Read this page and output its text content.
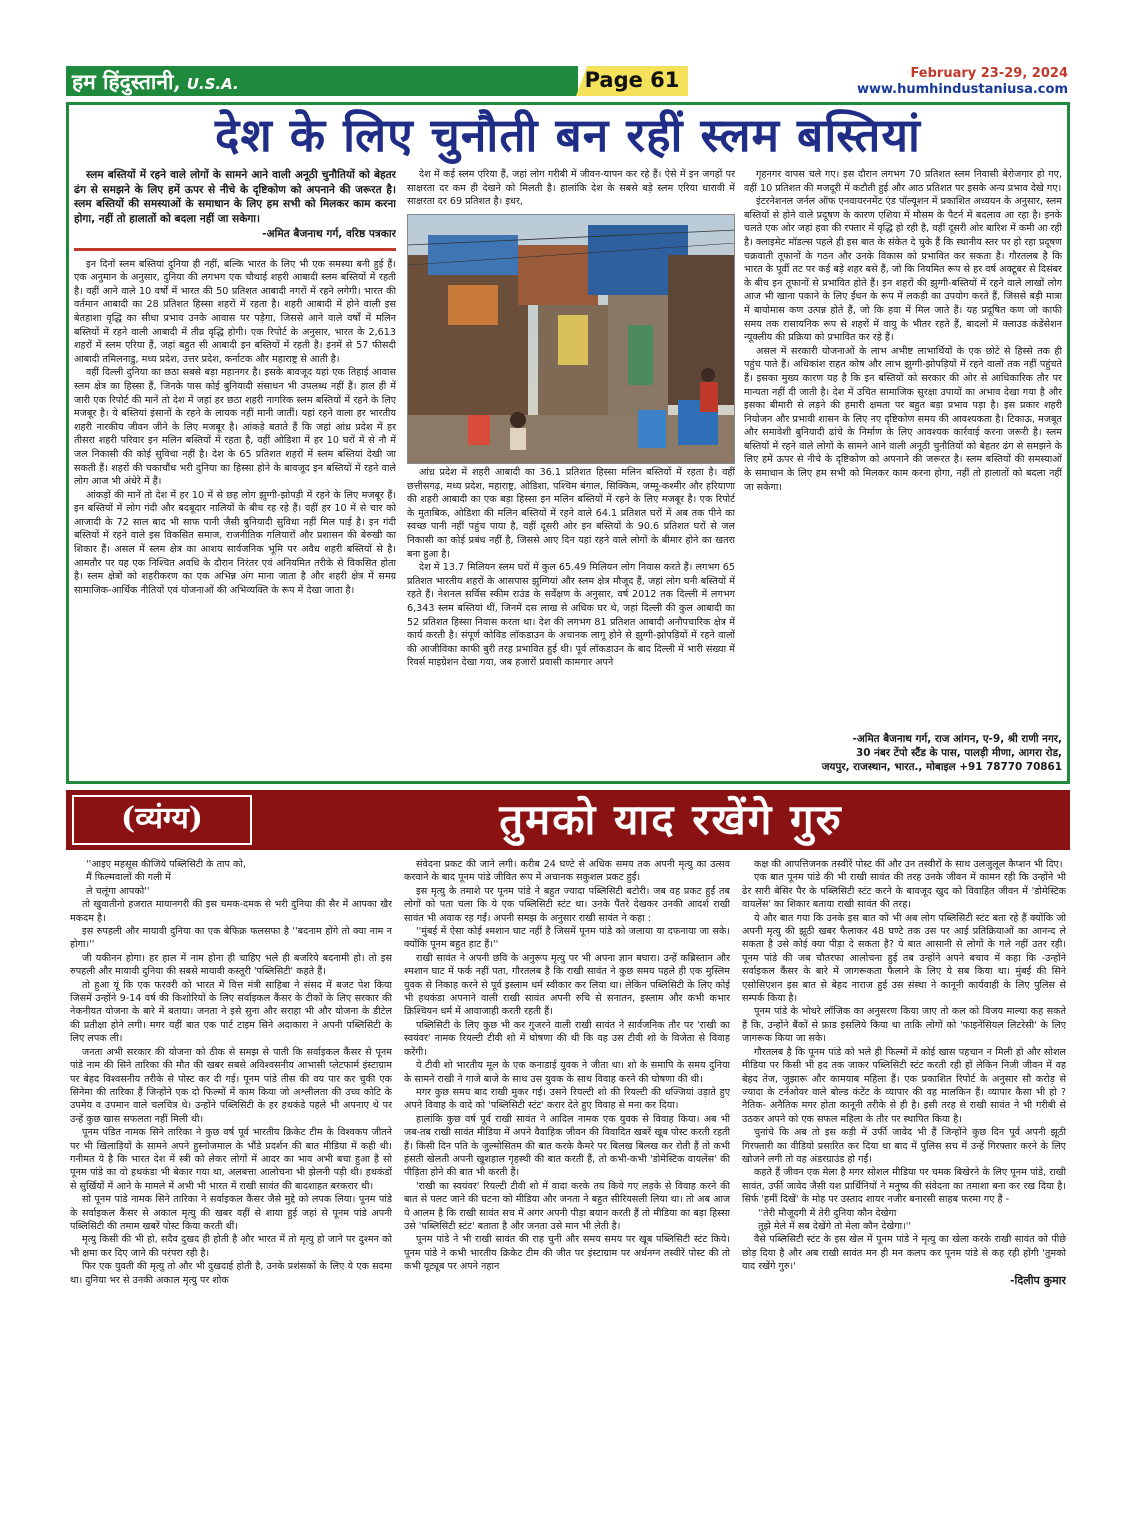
हम हिंदुस्तानी, U.S.A.	Page 61	February 23-29, 2024
www.humhindustaniusa.com
देश के लिए चुनौती बन रहीं स्लम बस्तियां

स्लम बस्तियों में रहने वाले लोगों के सामने आने वाली अनूठी चुनौतियों को बेहतर ढंग से समझने के लिए हमें ऊपर से नीचे के दृष्टिकोण को अपनाने की जरूरत है। स्लम बस्तियों की समस्याओं के समाधान के लिए हम सभी को मिलकर काम करना होगा, नहीं तो हालातों को बदला नहीं जा सकेगा।

-अमित बैजनाथ गर्ग, वरिष्ठ पत्रकार

इन दिनों स्लम बस्तियां दुनिया ही नहीं, बल्कि भारत के लिए भी एक समस्या बनी हुई हैं। एक अनुमान के अनुसार, दुनिया की लगभग एक चौथाई शहरी आबादी स्लम बस्तियों में रहती है। वहीं आने वाले 10 वर्षों में भारत की 50 प्रतिशत आबादी नगरों में रहने लगेगी। भारत की वर्तमान आबादी का 28 प्रतिशत हिस्सा शहरों में रहता है। शहरी आबादी में होने वाली इस बेतहाशा वृद्धि का सीधा प्रभाव उनके आवास पर पड़ेगा, जिससे आने वाले वर्षों में मलिन बस्तियों में रहने वाली आबादी में तीव्र वृद्धि होगी। एक रिपोर्ट के अनुसार, भारत के 2,613 शहरों में स्लम एरिया हैं, जहां बहुत सी आबादी इन बस्तियों में रहती है। इनमें से 57 फीसदी आबादी तमिलनाडु, मध्य प्रदेश, उत्तर प्रदेश, कर्नाटक और महाराष्ट्र से आती है।

वहीं दिल्ली दुनिया का छठा सबसे बड़ा महानगर है। इसके बावजूद यहां एक तिहाई आवास स्लम क्षेत्र का हिस्सा हैं, जिनके पास कोई बुनियादी संसाधन भी उपलब्ध नहीं हैं। हाल ही में जारी एक रिपोर्ट की मानें तो देश में जहां हर छठा शहरी नागरिक स्लम बस्तियों में रहने के लिए मजबूर है। ये बस्तियां इंसानों के रहने के लायक नहीं मानी जातीं। यहां रहने वाला हर भारतीय शहरी नारकीय जीवन जीने के लिए मजबूर है। आंकड़े बताते हैं कि जहां आंध्र प्रदेश में हर तीसरा शहरी परिवार इन मलिन बस्तियों में रहता है, वहीं ओडिशा में हर 10 घरों में से नौ में जल निकासी की कोई सुविधा नहीं है। देश के 65 प्रतिशत शहरों में स्लम बस्तियां देखी जा सकती हैं। शहरों की चकाचौंध भरी दुनिया का हिस्सा होने के बावजूद इन बस्तियों में रहने वाले लोग आज भी अंधेरे में हैं।

आंकड़ों की मानें तो देश में हर 10 में से छह लोग झुग्गी-झोपड़ी में रहने के लिए मजबूर हैं। इन बस्तियों में लोग गंदी और बदबूदार नालियों के बीच रह रहे हैं। वहीं हर 10 में से चार को आजादी के 72 साल बाद भी साफ पानी जैसी बुनियादी सुविधा नहीं मिल पाई है। इन गंदी बस्तियों में रहने वाले इस विकसित समाज, राजनीतिक गलियारों और प्रशासन की बेरुखी का शिकार हैं। असल में स्लम क्षेत्र का आशय सार्वजनिक भूमि पर अवैध शहरी बस्तियों से है। आमतौर पर यह एक निश्चित अवधि के दौरान निरंतर एवं अनियमित तरीके से विकसित होता है। स्लम क्षेत्रों को शहरीकरण का एक अभिन्न अंग माना जाता है और शहरी क्षेत्र में समग्र सामाजिक-आर्थिक नीतियों एवं योजनाओं की अभिव्यक्ति के रूप में देखा जाता है।

देश में कई स्लम एरिया हैं, जहां लोग गरीबी में जीवन-यापन कर रहे हैं। ऐसे में इन जगहों पर साक्षरता दर कम ही देखने को मिलती है। हालांकि देश के सबसे बड़े स्लम एरिया धारावी में साक्षरता दर 69 प्रतिशत है। इधर,

आंध्र प्रदेश में शहरी आबादी का 36.1 प्रतिशत हिस्सा मलिन बस्तियों में रहता है। वहीं छत्तीसगढ़, मध्य प्रदेश, महाराष्ट्र, ओडिशा, पश्चिम बंगाल, सिक्किम, जम्मू-कश्मीर और हरियाणा की शहरी आबादी का एक बड़ा हिस्सा इन मलिन बस्तियों में रहने के लिए मजबूर है। एक रिपोर्ट के मुताबिक, ओडिशा की मलिन बस्तियों में रहने वाले 64.1 प्रतिशत घरों में अब तक पीने का स्वच्छ पानी नहीं पहुंच पाया है, वहीं दूसरी ओर इन बस्तियों के 90.6 प्रतिशत घरों से जल निकासी का कोई प्रबंध नहीं है, जिससे आए दिन यहां रहने वाले लोगों के बीमार होने का खतरा बना हुआ है।

देश में 13.7 मिलियन स्लम घरों में कुल 65.49 मिलियन लोग निवास करते हैं। लगभग 65 प्रतिशत भारतीय शहरों के आसपास झुग्गियां और स्लम क्षेत्र मौजूद हैं, जहां लोग घनी बस्तियों में रहते हैं। नेशनल सर्विस स्कीम राउंड के सर्वेक्षण के अनुसार, वर्ष 2012 तक दिल्ली में लगभग 6,343 स्लम बस्तियां थीं, जिनमें दस लाख से अधिक घर थे, जहां दिल्ली की कुल आबादी का 52 प्रतिशत हिस्सा निवास करता था। देश की लगभग 81 प्रतिशत आबादी अनौपचारिक क्षेत्र में कार्य करती है। संपूर्ण कोविड लॉकडाउन के अचानक लागू होने से झुग्गी-झोपड़ियों में रहने वालों की आजीविका काफी बुरी तरह प्रभावित हुई थी। पूर्व लॉकडाउन के बाद दिल्ली में भारी संख्या में रिवर्स माइग्रेशन देखा गया, जब हजारों प्रवासी कामगार अपने

गृहनगर वापस चले गए। इस दौरान लगभग 70 प्रतिशत स्लम निवासी बेरोजगार हो गए, वहीं 10 प्रतिशत की मजदूरी में कटौती हुई और आठ प्रतिशत पर इसके अन्य प्रभाव देखे गए।

इंटरनेशनल जर्नल ऑफ एनवायरनमेंट एंड पॉल्यूशन में प्रकाशित अध्ययन के अनुसार, स्लम बस्तियों से होने वाले प्रदूषण के कारण एशिया में मौसम के पैटर्न में बदलाव आ रहा है। इनके चलते एक ओर जहां हवा की रफ्तार में वृद्धि हो रही है, वहीं दूसरी ओर बारिश में कमी आ रही है। क्लाइमेट मॉडल्स पहले ही इस बात के संकेत दे चुके हैं कि स्थानीय स्तर पर हो रहा प्रदूषण चक्रवाती तूफानों के गठन और उनके विकास को प्रभावित कर सकता है। गौरतलब है कि भारत के पूर्वी तट पर कई बड़े शहर बसे हैं, जो कि नियमित रूप से हर वर्ष अक्टूबर से दिसंबर के बीच इन तूफानों से प्रभावित होते हैं। इन शहरों की झुग्गी-बस्तियों में रहने वाले लाखों लोग आज भी खाना पकाने के लिए ईंधन के रूप में लकड़ी का उपयोग करते हैं, जिससे बड़ी मात्रा में बायोमास कण उत्पन्न होते हैं, जो कि हवा में मिल जाते हैं। यह प्रदूषित कण जो काफी समय तक रासायनिक रूप से शहरों में वायु के भीतर रहते हैं, बादलों में क्लाउड कंडेंसेशन न्यूक्लीय की प्रक्रिया को प्रभावित कर रहे हैं।

असल में सरकारी योजनाओं के लाभ अभीष्ट लाभार्थियों के एक छोटे से हिस्से तक ही पहुंच पाते हैं। अधिकांश राहत कोष और लाभ झुग्गी-झोपड़ियों में रहने वालों तक नहीं पहुंचते हैं। इसका मुख्य कारण यह है कि इन बस्तियों को सरकार की ओर से आधिकारिक तौर पर मान्यता नहीं दी जाती है। देश में उचित सामाजिक सुरक्षा उपायों का अभाव देखा गया है और इसका बीमारी से लड़ने की हमारी क्षमता पर बहुत बड़ा प्रभाव पड़ा है। इस प्रकार शहरी नियोजन और प्रभावी शासन के लिए नए दृष्टिकोण समय की आवश्यकता है। टिकाऊ, मजबूत और समावेशी बुनियादी ढांचे के निर्माण के लिए आवश्यक कार्रवाई करना जरूरी है। स्लम बस्तियों में रहने वाले लोगों के सामने आने वाली अनूठी चुनौतियों को बेहतर ढंग से समझने के लिए हमें ऊपर से नीचे के दृष्टिकोण को अपनाने की जरूरत है। स्लम बस्तियों की समस्याओं के समाधान के लिए हम सभी को मिलकर काम करना होगा, नहीं तो हालातों को बदला नहीं जा सकेगा।

-अमित बैजनाथ गर्ग, राज आंगन, ए-9, श्री राणी नगर,

30 नंबर टेंपो स्टैंड के पास, पालड़ी मीणा, आगरा रोड,

जयपुर, राजस्थान, भारत., मोबाइल +91 78770 70861

(व्यंग्य)	तुमको याद रखेंगे गुरु

''आइए महसूस कीजिये पब्लिसिटी के ताप को,

मैं फिल्मवालों की गली में

ले चलूंगा आपको''

तो खुवातीनो हजरात मायानगरी की इस चमक-दमक से भरी दुनिया की सैर में आपका खैर मकदम है।

इस रुपहली और मायावी दुनिया का एक बेफिक्र फलसफा है ''बदनाम होंगे तो क्या नाम न होगा।''

जी यकीनन होगा। हर हाल में नाम होना ही चाहिए भले ही बजरिये बदनामी हो। तो इस रुपहली और मायावी दुनिया की सबसे मायावी कस्तूरी 'पब्लिसिटी' कहते हैं।

तो हुआ यूं कि एक फरवरी को भारत में वित्त मंत्री साहिबा ने संसद में बजट पेश किया जिसमें उन्होंने 9-14 वर्ष की किशोरियों के लिए सर्वाइकल कैंसर के टीकों के लिए सरकार की नेकनीयत योजना के बारे में बताया। जनता ने इसे सुना और सराहा भी और योजना के डीटेल की प्रतीक्षा होने लगी। मगर यहीं बात एक पार्ट टाइम सिने अदाकारा ने अपनी पब्लिसिटी के लिए लपक ली।

जनता अभी सरकार की योजना को ठीक से समझ से पाती कि सर्वाइकल कैंसर से पूनम पांडे नाम की सिने तारिका की मौत की खबर सबसे अविश्वसनीय आभासी प्लेटफार्म इंस्टाग्राम पर बेहद विश्वसनीय तरीके से पोस्ट कर दी गई। पूनम पांडे तीस की वय पार कर चुकी एक सिनेमा की तारिका हैं जिन्होंने एक दो फिल्मों में काम किया जो अश्लीलता की उच्च कोटि के उपमेय व उपमान वाले चलचित्र थे। उन्होंने पब्लिसिटी के हर हथकंडे पहले भी अपनाए थे पर उन्हें कुछ खास सफलता नहीं मिली थी।

पूनम पंडित नामक सिने तारिका ने कुछ वर्ष पूर्व भारतीय क्रिकेट टीम के विश्वकप जीतने पर भी खिलाड़ियों के सामने अपने हुस्नोजमाल के भौंडे प्रदर्शन की बात मीडिया में कही थी। गनीमत ये है कि भारत देश में स्त्री को लेकर लोगों में आदर का भाव अभी बचा हुआ है सो पूनम पांडे का वो हथकंडा भी बेकार गया था, अलबत्ता आलोचना भी झेलनी पड़ी थी। हथकंडों से सुर्खियों में आने के मामले में अभी भी भारत में राखी सावंत की बादशाहत बरकरार थी।

सो पूनम पांडे नामक सिने तारिका ने सर्वाइकल कैंसर जैसे मुद्दे को लपक लिया। पूनम पांडे के सर्वाइकल कैंसर से अकाल मृत्यु की खबर वहीं से शाया हुई जहां से पूनम पांडे अपनी पब्लिसिटी की तमाम खबरें पोस्ट किया करती थीं।

मृत्यु किसी की भी हो, सदैव दुखद ही होती है और भारत में तो मृत्यु हो जाने पर दुश्मन को भी क्षमा कर दिए जाने की परंपरा रही है।

फिर एक युवती की मृत्यु तो और भी दुखदाई होती है, उनके प्रशंसकों के लिए ये एक सदमा था। दुनिया भर से उनकी अकाल मृत्यु पर शोक

संवेदना प्रकट की जाने लगी। करीब 24 घण्टे से अधिक समय तक अपनी मृत्यु का उत्सव करवाने के बाद पूनम पांडे जीवित रूप में अचानक सकुशल प्रकट हुईं।

इस मृत्यु के तमाशे पर पूनम पांडे ने बहुत ज्यादा पब्लिसिटी बटोरी। जब वह प्रकट हुईं तब लोगों को पता चला कि ये एक पब्लिसिटी स्टंट था। उनके पैंतरे देखकर उनकी आदर्श राखी सावंत भी अवाक रह गईं। अपनी समझ के अनुसार राखी सावंत ने कहा :

''मुंबई में ऐसा कोई श्मशान घाट नहीं है जिसमें पूनम पांडे को जलाया या दफनाया जा सके। क्योंकि पूनम बहुत हाट हैं।''

राखी सावंत ने अपनी छवि के अनुरूप मृत्यु पर भी अपना ज्ञान बघारा। उन्हें कब्रिस्तान और श्मशान घाट में फर्क नहीं पता, गौरतलब है कि राखी सावंत ने कुछ समय पहले ही एक मुस्लिम युवक से निकाह करने से पूर्व इस्लाम धर्म स्वीकार कर लिया था। लेकिन पब्लिसिटी के लिए कोई भी हथकंडा अपनाने वाली राखी सावंत अपनी रुचि से सनातन, इस्लाम और कभी कभार क्रिश्चियन धर्म में आवाजाही करती रहती हैं।

पब्लिसिटी के लिए कुछ भी कर गुजरने वाली राखी सावंत ने सार्वजनिक तौर पर 'राखी का स्वयंवर' नामक रियल्टी टीवी शो में घोषणा की थी कि वह उस टीवी शो के विजेता से विवाह करेंगी।

ये टीवी शो भारतीय मूल के एक कनाडाई युवक ने जीता था। शो के समापि के समय दुनिया के सामने राखी ने गाजे बाजे के साथ उस युवक के साथ विवाह करने की घोषणा की थी।

मगर कुछ समय बाद राखी मुकर गई। उसने रियल्टी शो की रियल्टी की धज्जियां उड़ाते हुए अपने विवाह के वादे को 'पब्लिसिटी स्टंट' करार देते हुए विवाह से मना कर दिया।

हालांकि कुछ वर्ष पूर्व राखी सावंत ने आदिल नामक एक युवक से विवाह किया। अब भी जब-तब राखी सावंत मीडिया में अपने वैवाहिक जीवन की विवादित खबरें खूब पोस्ट करती रहती हैं। किसी दिन पति के जुल्मोसितम की बात करके कैमरे पर बिलख बिलख कर रोती हैं तो कभी हंसती खेलती अपनी खुशहाल गृहस्थी की बात करती हैं, तो कभी-कभी 'डोमेस्टिक वायलेंस' की पीड़िता होने की बात भी करती हैं।

'राखी का स्वयंवर' रियल्टी टीवी शो में वादा करके तय किये गए लड़के से विवाह करने की बात से पलट जाने की घटना को मीडिया और जनता ने बहुत सीरियसली लिया था। तो अब आज ये आलम है कि राखी सावंत सच में अगर अपनी पीड़ा बयान करती हैं तो मीडिया का बड़ा हिस्सा उसे 'पब्लिसिटी स्टंट' बताता है और जनता उसे मान भी लेती है।

पूनम पांडे ने भी राखी सावंत की राह चुनी और समय समय पर खूब पब्लिसिटी स्टंट किये। पूनम पांडे ने कभी भारतीय क्रिकेट टीम की जीत पर इंस्टाग्राम पर अर्धनग्न तस्वीरें पोस्ट की तो कभी यूट्यूब पर अपने नहान

कक्ष की आपत्तिजनक तस्वीरें पोस्ट कीं और उन तस्वीरों के साथ उलजुलूल कैप्शन भी दिए।

एक बात पूनम पांडे की भी राखी सावंत की तरह उनके जीवन में कामन रही कि उन्होंने भी ढेर सारी बेसिर पैर के पब्लिसिटी स्टंट करने के बावजूद खुद को विवाहित जीवन में 'डोमेस्टिक वायलेंस' का शिकार बताया राखी सावंत की तरह।

ये और बात गया कि उनके इस बात को भी अब लोग पब्लिसिटी स्टंट बता रहे हैं क्योंकि जो अपनी मृत्यु की झूठी खबर फैलाकर 48 घण्टे तक उस पर आई प्रतिक्रियाओं का आनन्द ले सकता है उसे कोई क्या पीड़ा दे सकता है? ये बात आसानी से लोगों के गले नहीं उतर रही। पूनम पांडे की जब चौतरफा आलोचना हुई तब उन्होंने अपने बचाव में कहा कि -उन्होंने सर्वाइकल कैंसर के बारे में जागरूकता फैलाने के लिए ये सब किया था। मुंबई की सिने एसोसिएशन इस बात से बेहद नाराज हुई उस संस्था ने कानूनी कार्यवाही के लिए पुलिस से सम्पर्क किया है।

पूनम पांडे के भोथरे लॉजिक का अनुसरण किया जाए तो कल को विजय माल्या कह सकते हैं कि, उन्होंने बैंकों से फ्राड इसलिये किया था ताकि लोगों को 'फाइनेंसियल लिटरेसी' के लिए जागरूक किया जा सके।

गौरतलब है कि पूनम पांडे को भले ही फिल्मों में कोई खास पहचान न मिली हो और सोशल मीडिया पर किसी भी हद तक जाकर पब्लिसिटी स्टंट करती रही हों लेकिन निजी जीवन में वह बेहद तेज, जुझारू और कामयाब महिला हैं। एक प्रकाशित रिपोर्ट के अनुसार सौ करोड़ से ज्यादा के टर्नओवर वाले बोल्ड कंटेंट के व्यापार की वह मालकिन हैं। व्यापार कैसा भी हो ?नैतिक- अनैतिक मगर होता कानूनी तरीके से ही है। इसी तरह से राखी सावंत ने भी गरीबी से उठकर अपने को एक सफल महिला के तौर पर स्थापित किया है।

चुनांचे कि अब तो इस कड़ी में उर्फी जावेद भी हैं जिन्होंने कुछ दिन पूर्व अपनी झूठी गिरफ्तारी का वीडियो प्रसारित कर दिया था बाद में पुलिस सच में उन्हें गिरफ्तार करने के लिए खोजने लगी तो वह अंडरग्राउंड हो गईं।

कहते हैं जीवन एक मेला है मगर सोशल मीडिया पर चमक बिखेरने के लिए पूनम पांडे, राखी सावंत, उर्फी जावेद जैसी यश प्रार्थिनियों ने मनुष्य की संवेदना का तमाशा बना कर रख दिया है। सिर्फ 'हमीं दिखें' के मोह पर उस्ताद शायर नजीर बनारसी साहब फरमा गए हैं -

''तेरी मौजूदगी में तेरी दुनिया कौन देखेगा

तुझे मेले में सब देखेंगे तो मेला कौन देखेगा।''

वैसे पब्लिसिटी स्टंट के इस खेल में पूनम पांडे ने मृत्यु का खेला करके राखी सावंत को पीछे छोड़ दिया है और अब राखी सावंत मन ही मन कलप कर पूनम पांडे से कह रही होंगी 'तुमको याद रखेंगे गुरु।'

-दिलीप कुमार
